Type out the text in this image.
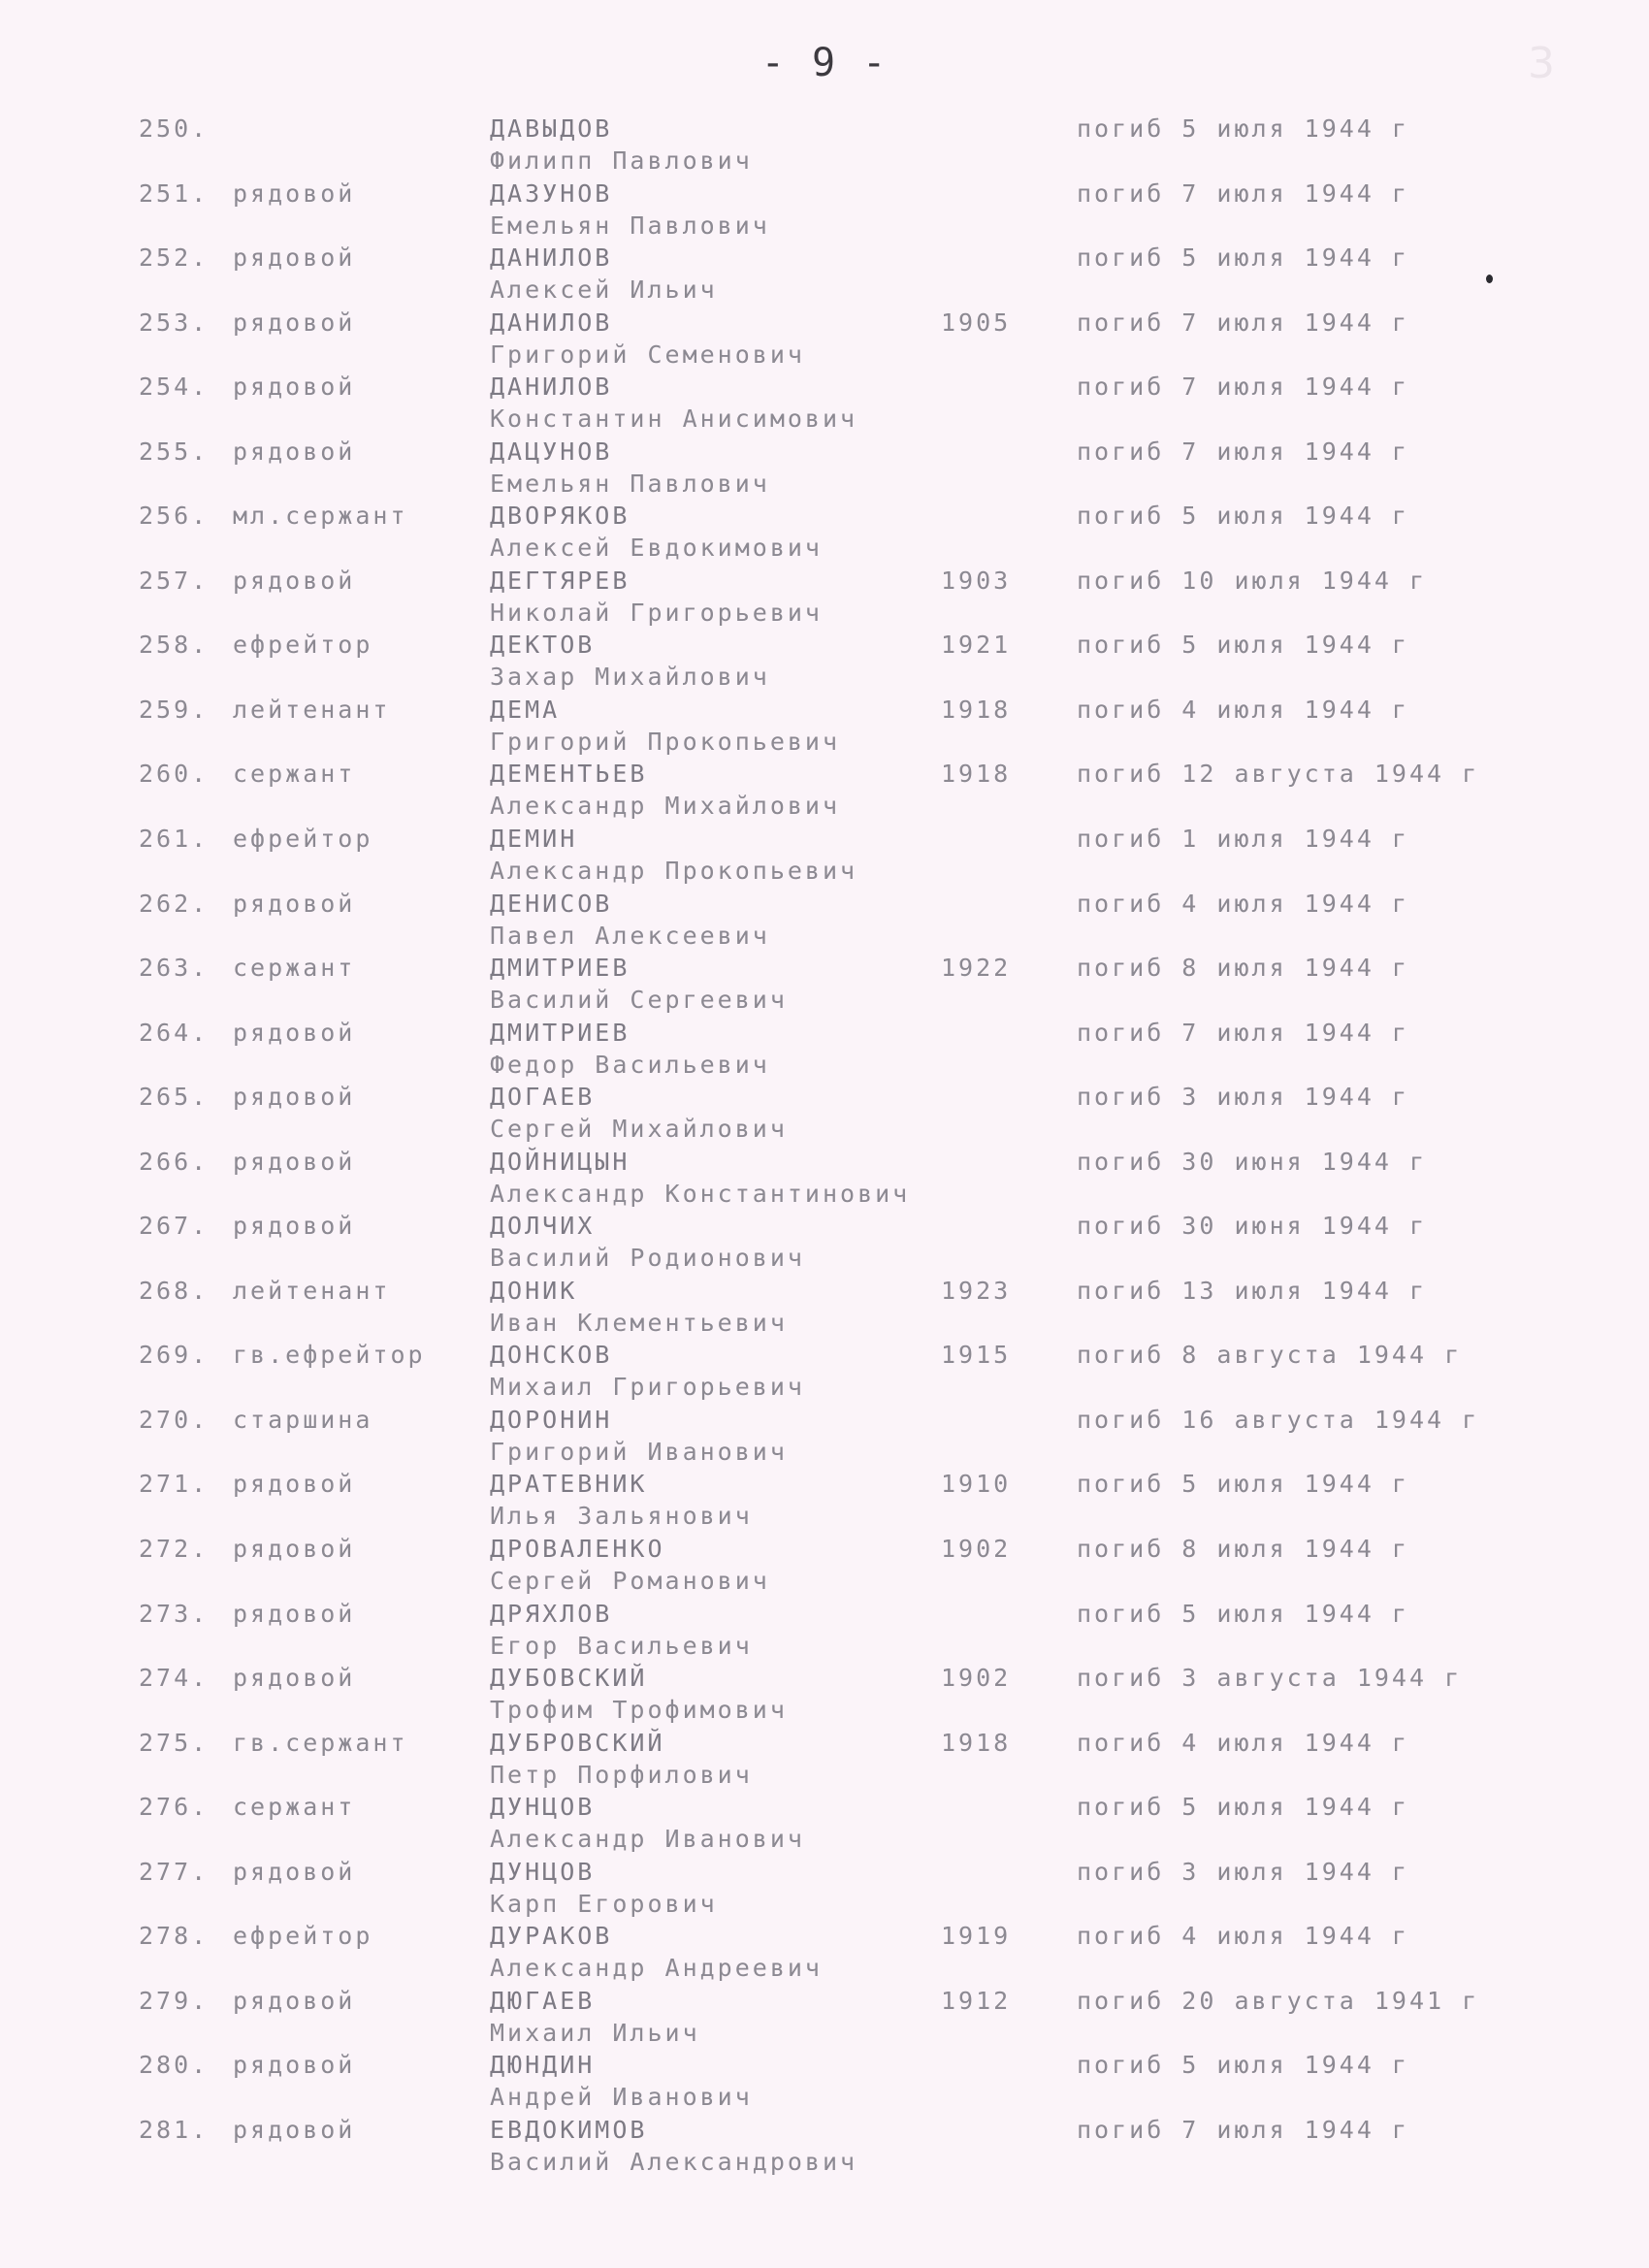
- 9 -	3
250.	ДАВЫДОВ
Филипп Павлович
погиб 5 июля 1944 г
251. рядовой	ДАЗУНОВ
Емельян Павлович
погиб 7 июля 1944 г
252. рядовой	ДАНИЛОВ
Алексей Ильич
погиб 5 июля 1944 г
253. рядовой	ДАНИЛОВ
Григорий Семенович
1905	погиб 7 июля 1944 г
254. рядовой	ДАНИЛОВ
Константин Анисимович
погиб 7 июля 1944 г
255. рядовой	ДАЦУНОВ
Емельян Павлович
погиб 7 июля 1944 г
256. мл.сержант	ДВОРЯКОВ
Алексей Евдокимович
погиб 5 июля 1944 г
257. рядовой	ДЕГТЯРЕВ
Николай Григорьевич
1903	погиб 10 июля 1944 г
258. ефрейтор	ДЕКТОВ
Захар Михайлович
1921	погиб 5 июля 1944 г
259. лейтенант	ДЕМА
Григорий Прокопьевич
1918	погиб 4 июля 1944 г
260. сержант	ДЕМЕНТЬЕВ
Александр Михайлович
1918	погиб 12 августа 1944 г
261. ефрейтор	ДЕМИН
Александр Прокопьевич
погиб 1 июля 1944 г
262. рядовой	ДЕНИСОВ
Павел Алексеевич
погиб 4 июля 1944 г
263. сержант	ДМИТРИЕВ
Василий Сергеевич
1922	погиб 8 июля 1944 г
264. рядовой	ДМИТРИЕВ
Федор Васильевич
погиб 7 июля 1944 г
265. рядовой	ДОГАЕВ
Сергей Михайлович
погиб 3 июля 1944 г
266. рядовой	ДОЙНИЦЫН
Александр Константинович
погиб 30 июня 1944 г
267. рядовой	ДОЛЧИХ
Василий Родионович
погиб 30 июня 1944 г
268. лейтенант	ДОНИК
Иван Клементьевич
1923	погиб 13 июля 1944 г
269. гв.ефрейтор	ДОНСКОВ
Михаил Григорьевич
1915	погиб 8 августа 1944 г
270. старшина	ДОРОНИН
Григорий Иванович
погиб 16 августа 1944 г
271. рядовой	ДРАТЕВНИК
Илья Зальянович
1910	погиб 5 июля 1944 г
272. рядовой	ДРОВАЛЕНКО
Сергей Романович
1902	погиб 8 июля 1944 г
273. рядовой	ДРЯХЛОВ
Егор Васильевич
погиб 5 июля 1944 г
274. рядовой	ДУБОВСКИЙ
Трофим Трофимович
1902	погиб 3 августа 1944 г
275. гв.сержант	ДУБРОВСКИЙ
Петр Порфилович
1918	погиб 4 июля 1944 г
276. сержант	ДУНЦОВ
Александр Иванович
погиб 5 июля 1944 г
277. рядовой	ДУНЦОВ
Карп Егорович
погиб 3 июля 1944 г
278. ефрейтор	ДУРАКОВ
Александр Андреевич
1919	погиб 4 июля 1944 г
279. рядовой	ДЮГАЕВ
Михаил Ильич
1912	погиб 20 августа 1941 г
280. рядовой	ДЮНДИН
Андрей Иванович
погиб 5 июля 1944 г
281. рядовой	ЕВДОКИМОВ
Василий Александрович
погиб 7 июля 1944 г
